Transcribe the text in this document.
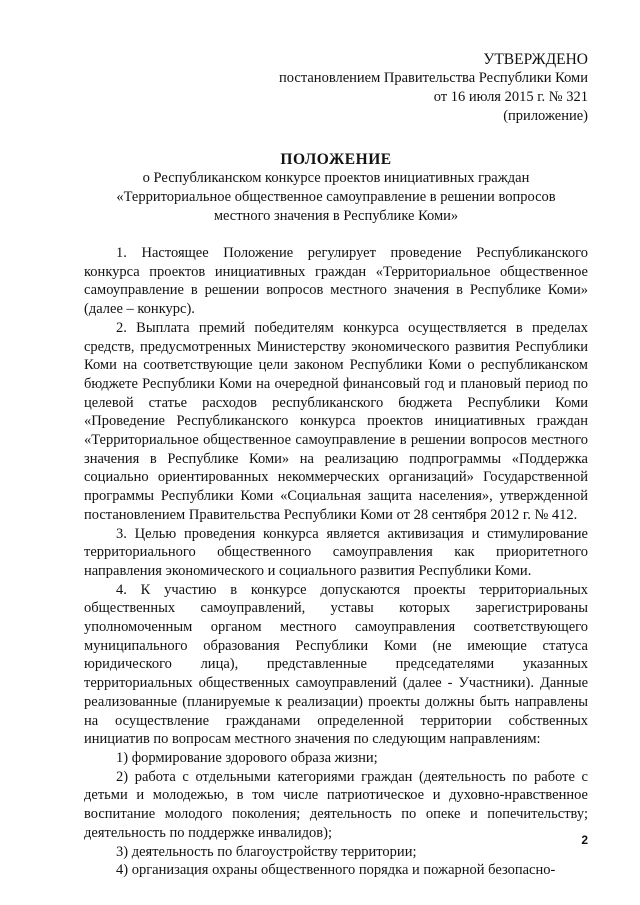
УТВЕРЖДЕНО
постановлением Правительства Республики Коми
от 16 июля 2015 г. № 321
(приложение)
ПОЛОЖЕНИЕ
о Республиканском конкурсе проектов инициативных граждан
«Территориальное общественное самоуправление в решении вопросов
местного значения в Республике Коми»

1. Настоящее Положение регулирует проведение Республиканского конкурса проектов инициативных граждан «Территориальное общественное самоуправление в решении вопросов местного значения в Республике Коми» (далее – конкурс).

2. Выплата премий победителям конкурса осуществляется в пределах средств, предусмотренных Министерству экономического развития Республики Коми на соответствующие цели законом Республики Коми о республиканском бюджете Республики Коми на очередной финансовый год и плановый период по целевой статье расходов республиканского бюджета Республики Коми «Проведение Республиканского конкурса проектов инициативных граждан «Территориальное общественное самоуправление в решении вопросов местного значения в Республике Коми» на реализацию подпрограммы «Поддержка социально ориентированных некоммерческих организаций» Государственной программы Республики Коми «Социальная защита населения», утвержденной постановлением Правительства Республики Коми от 28 сентября 2012 г. № 412.

3. Целью проведения конкурса является активизация и стимулирование территориального общественного самоуправления как приоритетного направления экономического и социального развития Республики Коми.

4. К участию в конкурсе допускаются проекты территориальных общественных самоуправлений, уставы которых зарегистрированы уполномоченным органом местного самоуправления соответствующего муниципального образования Республики Коми (не имеющие статуса юридического лица), представленные председателями указанных территориальных общественных самоуправлений (далее - Участники). Данные реализованные (планируемые к реализации) проекты должны быть направлены на осуществление гражданами определенной территории собственных инициатив по вопросам местного значения по следующим направлениям:

1) формирование здорового образа жизни;

2) работа с отдельными категориями граждан (деятельность по работе с детьми и молодежью, в том числе патриотическое и духовно-нравственное воспитание молодого поколения; деятельность по опеке и попечительству; деятельность по поддержке инвалидов);

3) деятельность по благоустройству территории;

4) организация охраны общественного порядка и пожарной безопасно-

2
